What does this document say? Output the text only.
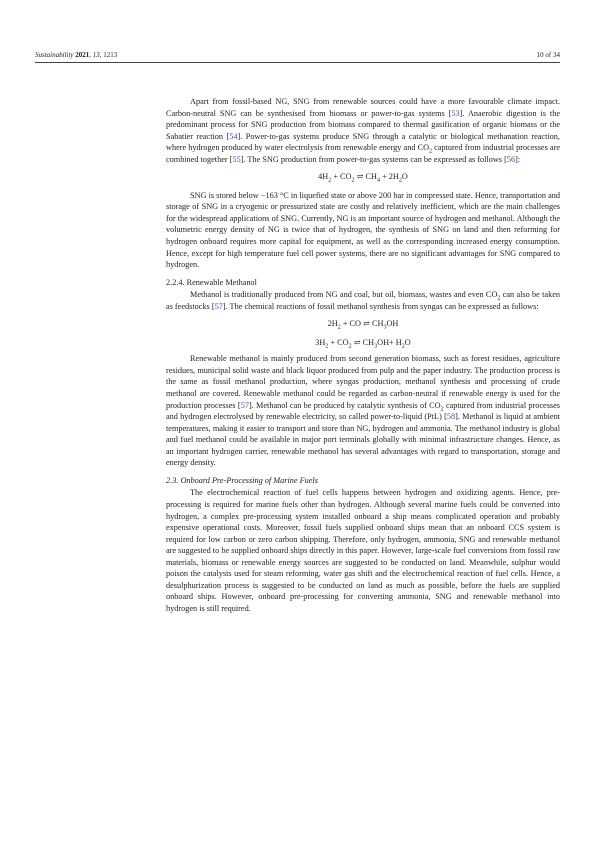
Sustainability 2021, 13, 1213	10 of 34

Apart from fossil-based NG, SNG from renewable sources could have a more favourable climate impact. Carbon-neutral SNG can be synthesised from biomass or power-to-gas systems [53]. Anaerobic digestion is the predominant process for SNG production from biomass compared to thermal gasification of organic biomass or the Sabatier reaction [54]. Power-to-gas systems produce SNG through a catalytic or biological methanation reaction, where hydrogen produced by water electrolysis from renewable energy and $CO_2$ captured from industrial processes are combined together [55]. The SNG production from power-to-gas systems can be expressed as follows [56]:

$4H_2 + CO_2$ ⇌ $CH_4 + 2H_2O$

SNG is stored below −163 °C in liquefied state or above 200 bar in compressed state. Hence, transportation and storage of SNG in a cryogenic or pressurized state are costly and relatively inefficient, which are the main challenges for the widespread applications of SNG. Currently, NG is an important source of hydrogen and methanol. Although the volumetric energy density of NG is twice that of hydrogen, the synthesis of SNG on land and then reforming for hydrogen onboard requires more capital for equipment, as well as the corresponding increased energy consumption. Hence, except for high temperature fuel cell power systems, there are no significant advantages for SNG compared to hydrogen.

2.2.4. Renewable Methanol

Methanol is traditionally produced from NG and coal, but oil, biomass, wastes and even $CO_2$ can also be taken as feedstocks [57]. The chemical reactions of fossil methanol synthesis from syngas can be expressed as follows:

$2H_2$ + CO ⇌ $CH_3OH$
$3H_2 + CO_2$ ⇌ $CH_3OH+ H_2O$

Renewable methanol is mainly produced from second generation biomass, such as forest residues, agriculture residues, municipal solid waste and black liquor produced from pulp and the paper industry. The production process is the same as fossil methanol production, where syngas production, methanol synthesis and processing of crude methanol are covered. Renewable methanol could be regarded as carbon-neutral if renewable energy is used for the production processes [57]. Methanol can be produced by catalytic synthesis of $CO_2$ captured from industrial processes and hydrogen electrolysed by renewable electricity, so called power-to-liquid (PtL) [58]. Methanol is liquid at ambient temperatures, making it easier to transport and store than NG, hydrogen and ammonia. The methanol industry is global and fuel methanol could be available in major port terminals globally with minimal infrastructure changes. Hence, as an important hydrogen carrier, renewable methanol has several advantages with regard to transportation, storage and energy density.

2.3. Onboard Pre-Processing of Marine Fuels

The electrochemical reaction of fuel cells happens between hydrogen and oxidizing agents. Hence, pre-processing is required for marine fuels other than hydrogen. Although several marine fuels could be converted into hydrogen, a complex pre-processing system installed onboard a ship means complicated operation and probably expensive operational costs. Moreover, fossil fuels supplied onboard ships mean that an onboard CCS system is required for low carbon or zero carbon shipping. Therefore, only hydrogen, ammonia, SNG and renewable methanol are suggested to be supplied onboard ships directly in this paper. However, large-scale fuel conversions from fossil raw materials, biomass or renewable energy sources are suggested to be conducted on land. Meanwhile, sulphur would poison the catalysts used for steam reforming, water gas shift and the electrochemical reaction of fuel cells. Hence, a desulphurization process is suggested to be conducted on land as much as possible, before the fuels are supplied onboard ships. However, onboard pre-processing for converting ammonia, SNG and renewable methanol into hydrogen is still required.
